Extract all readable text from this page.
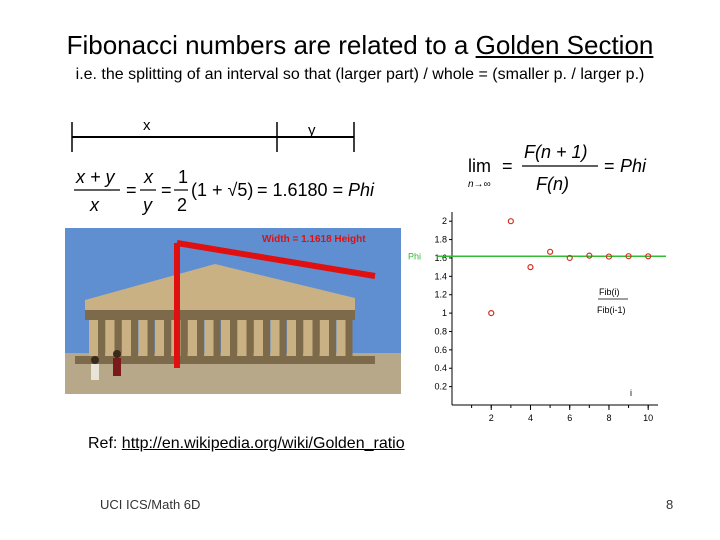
Fibonacci numbers are related to a Golden Section
i.e. the splitting of an interval so that (larger part) / whole = (smaller p. / larger p.)
x	y
x + y
x
=
x
y
=
1
2
(1 + √5) = 1.6180 = Phi
lim
n→∞
=
F(n + 1)
F(n)
= Phi
Width = 1.1618 Height
0.2
0.4
0.6
0.8
1
1.2
1.4
1.6
1.8
2
2	4	6	8	10
Phi
Fib(i)
Fib(i-1)
i
Ref: http://en.wikipedia.org/wiki/Golden_ratio
UCI ICS/Math 6D	8
